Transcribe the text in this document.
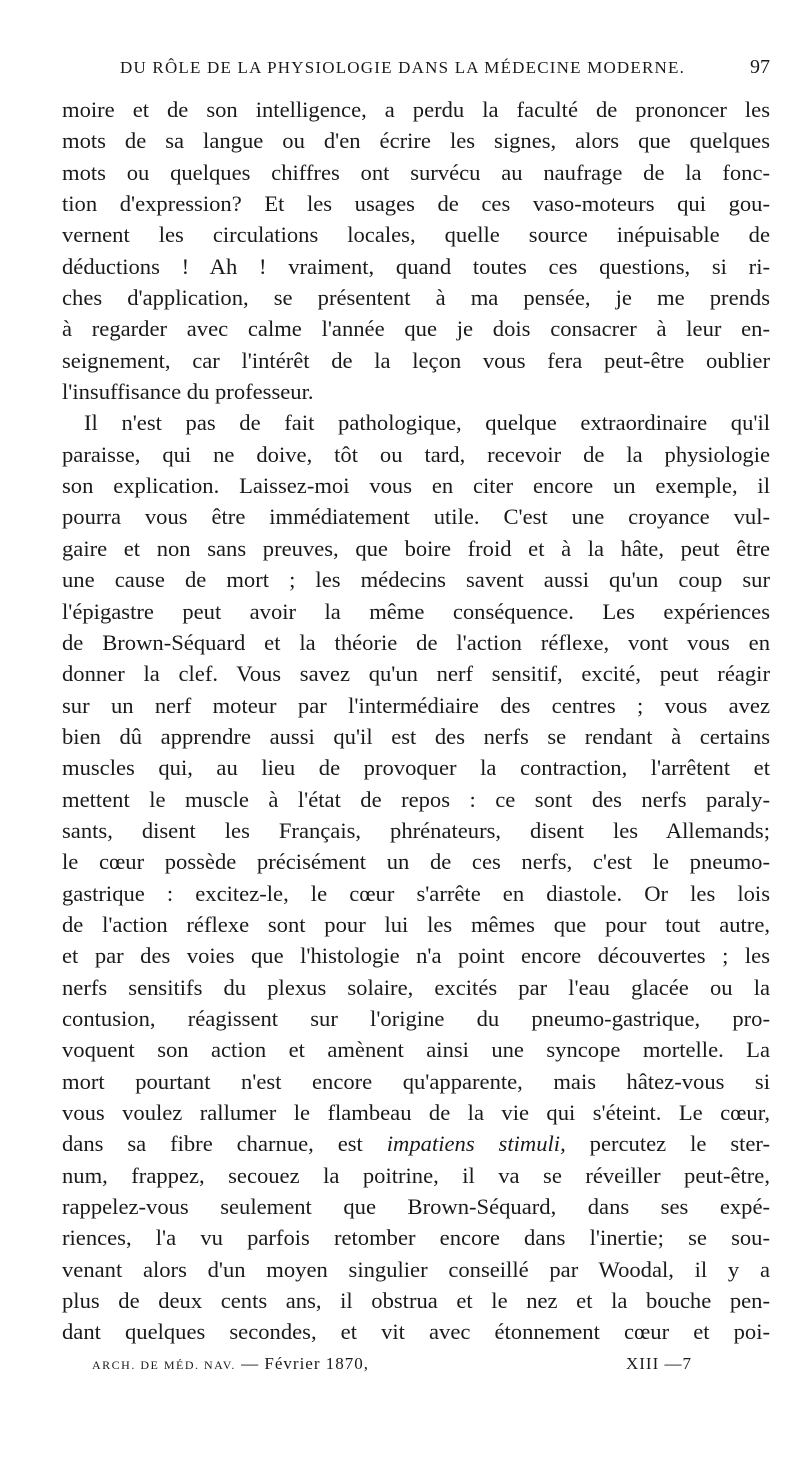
DU RÔLE DE LA PHYSIOLOGIE DANS LA MÉDECINE MODERNE.	97
moire et de son intelligence, a perdu la faculté de prononcer les
mots de sa langue ou d'en écrire les signes, alors que quelques
mots ou quelques chiffres ont survécu au naufrage de la fonc-
tion d'expression? Et les usages de ces vaso-moteurs qui gou-
vernent les circulations locales, quelle source inépuisable de
déductions ! Ah ! vraiment, quand toutes ces questions, si ri-
ches d'application, se présentent à ma pensée, je me prends
à regarder avec calme l'année que je dois consacrer à leur en-
seignement, car l'intérêt de la leçon vous fera peut-être oublier
l'insuffisance du professeur.
Il n'est pas de fait pathologique, quelque extraordinaire qu'il
paraisse, qui ne doive, tôt ou tard, recevoir de la physiologie
son explication. Laissez-moi vous en citer encore un exemple, il
pourra vous être immédiatement utile. C'est une croyance vul-
gaire et non sans preuves, que boire froid et à la hâte, peut être
une cause de mort ; les médecins savent aussi qu'un coup sur
l'épigastre peut avoir la même conséquence. Les expériences
de Brown-Séquard et la théorie de l'action réflexe, vont vous en
donner la clef. Vous savez qu'un nerf sensitif, excité, peut réagir
sur un nerf moteur par l'intermédiaire des centres ; vous avez
bien dû apprendre aussi qu'il est des nerfs se rendant à certains
muscles qui, au lieu de provoquer la contraction, l'arrêtent et
mettent le muscle à l'état de repos : ce sont des nerfs paraly-
sants, disent les Français, phrénateurs, disent les Allemands;
le cœur possède précisément un de ces nerfs, c'est le pneumo-
gastrique : excitez-le, le cœur s'arrête en diastole. Or les lois
de l'action réflexe sont pour lui les mêmes que pour tout autre,
et par des voies que l'histologie n'a point encore découvertes ; les
nerfs sensitifs du plexus solaire, excités par l'eau glacée ou la
contusion, réagissent sur l'origine du pneumo-gastrique, pro-
voquent son action et amènent ainsi une syncope mortelle. La
mort pourtant n'est encore qu'apparente, mais hâtez-vous si
vous voulez rallumer le flambeau de la vie qui s'éteint. Le cœur,
dans sa fibre charnue, est impatiens stimuli, percutez le ster-
num, frappez, secouez la poitrine, il va se réveiller peut-être,
rappelez-vous seulement que Brown-Séquard, dans ses expé-
riences, l'a vu parfois retomber encore dans l'inertie; se sou-
venant alors d'un moyen singulier conseillé par Woodal, il y a
plus de deux cents ans, il obstrua et le nez et la bouche pen-
dant quelques secondes, et vit avec étonnement cœur et poi-
ARCH. DE MÉD. NAV. — Février 1870,	XIII —7
